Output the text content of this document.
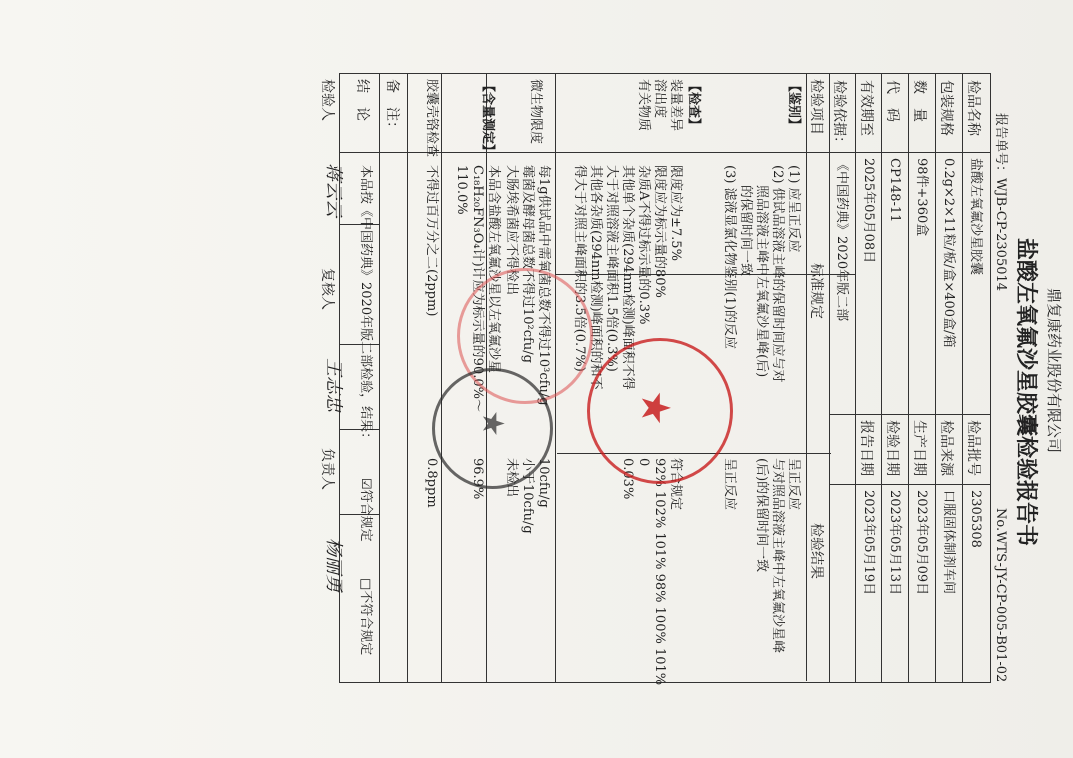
鼎复康药业股份有限公司
盐酸左氧氟沙星胶囊检验报告书
报告单号：WJB-CP-2305014
No.WTS-JY-CP-005-B01-02
检品名称
盐酸左氧氟沙星胶囊
检品批号
2305308
包装规格
0.2g×2×11粒/板/盒×400盒/箱
检品来源
口服固体制剂车间
数　量
98件+360盒
生产日期
2023年05月09日
代　码
CP148-11
检验日期
2023年05月13日
有效期至
2025年05月08日
报告日期
2023年05月19日
检验依据：
《中国药典》2020年版二部
检验项目
标准规定
检验结果
【鉴别】
(1) 应呈正反应
呈正反应
(2) 供试品溶液主峰的保留时间应与对
照品溶液主峰中左氧氟沙星峰(后)
的保留时间一致
与对照品溶液主峰中左氧氟沙星峰
(后)的保留时间一致
(3) 滤液显氯化物鉴别(1)的反应
呈正反应
【检查】
装量差异
限度应为±7.5%
符合规定
溶出度
限度应为标示量的80%
92% 102% 101% 98% 100% 101%
有关物质
杂质A不得过标示量的0.3%
0
其他单个杂质(294nm检测)峰面积不得
0.03%
大于对照溶液主峰面积1.5倍(0.3%)
其他各杂质(294nm检测)峰面积的和不
得大于对照主峰面积的3.5倍(0.7%)
微生物限度
每1g供试品中需氧菌总数不得过10³cfu/g
10cfu/g
霉菌及酵母菌总数不得过10²cfu/g
小于10cfu/g
大肠埃希菌应不得检出
未检出
【含量测定】
本品含盐酸左氧氟沙星以左氧氟沙星
C₁₈H₂₀FN₃O₄计)计应为标示量的90.0%～
110.0%
96.9%
胶囊壳铬检查
不得过百万分之二(2ppm)
0.8ppm
备　注：
结　论
本品按《中国药典》2020年版二部检验，结果：
☑符合规定
□不符合规定
检验人
蒋云云
复核人
王志忠
负责人
杨丽勇
★
★
